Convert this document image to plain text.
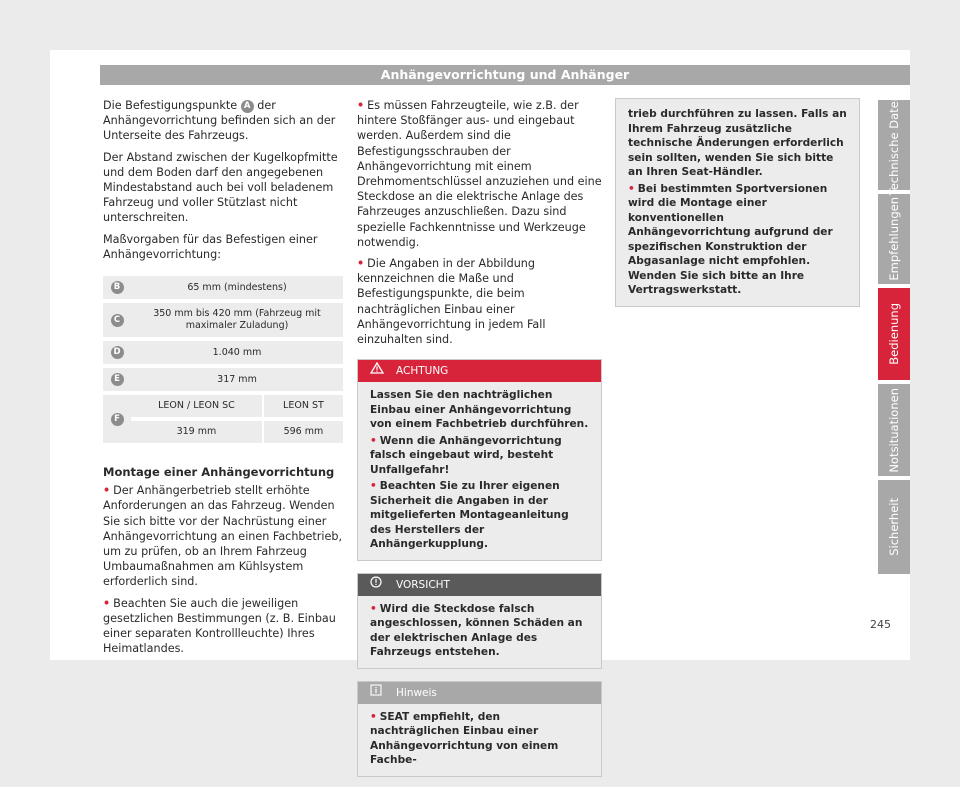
Anhängevorrichtung und Anhänger

Die Befestigungspunkte A der Anhängevorrichtung befinden sich an der Unterseite des Fahrzeugs.

Der Abstand zwischen der Kugelkopfmitte und dem Boden darf den angegebenen Mindestabstand auch bei voll beladenem Fahrzeug und voller Stützlast nicht unterschreiten.

Maßvorgaben für das Befestigen einer Anhängevorrichtung:

B	65 mm (mindestens)	
C	350 mm bis 420 mm (Fahrzeug mit maximaler Zuladung)	
D	1.040 mm	
E	317 mm	
F	LEON / LEON SC	LEON ST
	319 mm	596 mm
Montage einer Anhängevorrichtung

• Der Anhängerbetrieb stellt erhöhte Anforderungen an das Fahrzeug. Wenden Sie sich bitte vor der Nachrüstung einer Anhängevorrichtung an einen Fachbetrieb, um zu prüfen, ob an Ihrem Fahrzeug Umbaumaßnahmen am Kühlsystem erforderlich sind.

• Beachten Sie auch die jeweiligen gesetzlichen Bestimmungen (z. B. Einbau einer separaten Kontrollleuchte) Ihres Heimatlandes.

• Es müssen Fahrzeugteile, wie z.B. der hintere Stoßfänger aus- und eingebaut werden. Außerdem sind die Befestigungsschrauben der Anhängevorrichtung mit einem Drehmomentschlüssel anzuziehen und eine Steckdose an die elektrische Anlage des Fahrzeuges anzuschließen. Dazu sind spezielle Fachkenntnisse und Werkzeuge notwendig.

• Die Angaben in der Abbildung kennzeichnen die Maße und Befestigungspunkte, die beim nachträglichen Einbau einer Anhängevorrichtung in jedem Fall einzuhalten sind.

ACHTUNG

Lassen Sie den nachträglichen Einbau einer Anhängevorrichtung von einem Fachbetrieb durchführen.

• Wenn die Anhängevorrichtung falsch eingebaut wird, besteht Unfallgefahr!

• Beachten Sie zu Ihrer eigenen Sicherheit die Angaben in der mitgelieferten Montageanleitung des Herstellers der Anhängerkupplung.

VORSICHT

• Wird die Steckdose falsch angeschlossen, können Schäden an der elektrischen Anlage des Fahrzeugs entstehen.

Hinweis

• SEAT empfiehlt, den nachträglichen Einbau einer Anhängevorrichtung von einem Fachbe-

trieb durchführen zu lassen. Falls an Ihrem Fahrzeug zusätzliche technische Änderungen erforderlich sein sollten, wenden Sie sich bitte an Ihren Seat-Händler.

• Bei bestimmten Sportversionen wird die Montage einer konventionellen Anhängevorrichtung aufgrund der spezifischen Konstruktion der Abgasanlage nicht empfohlen. Wenden Sie sich bitte an Ihre Vertragswerkstatt.

Technische Daten
Empfehlungen
Bedienung
Notsituationen
Sicherheit
245
